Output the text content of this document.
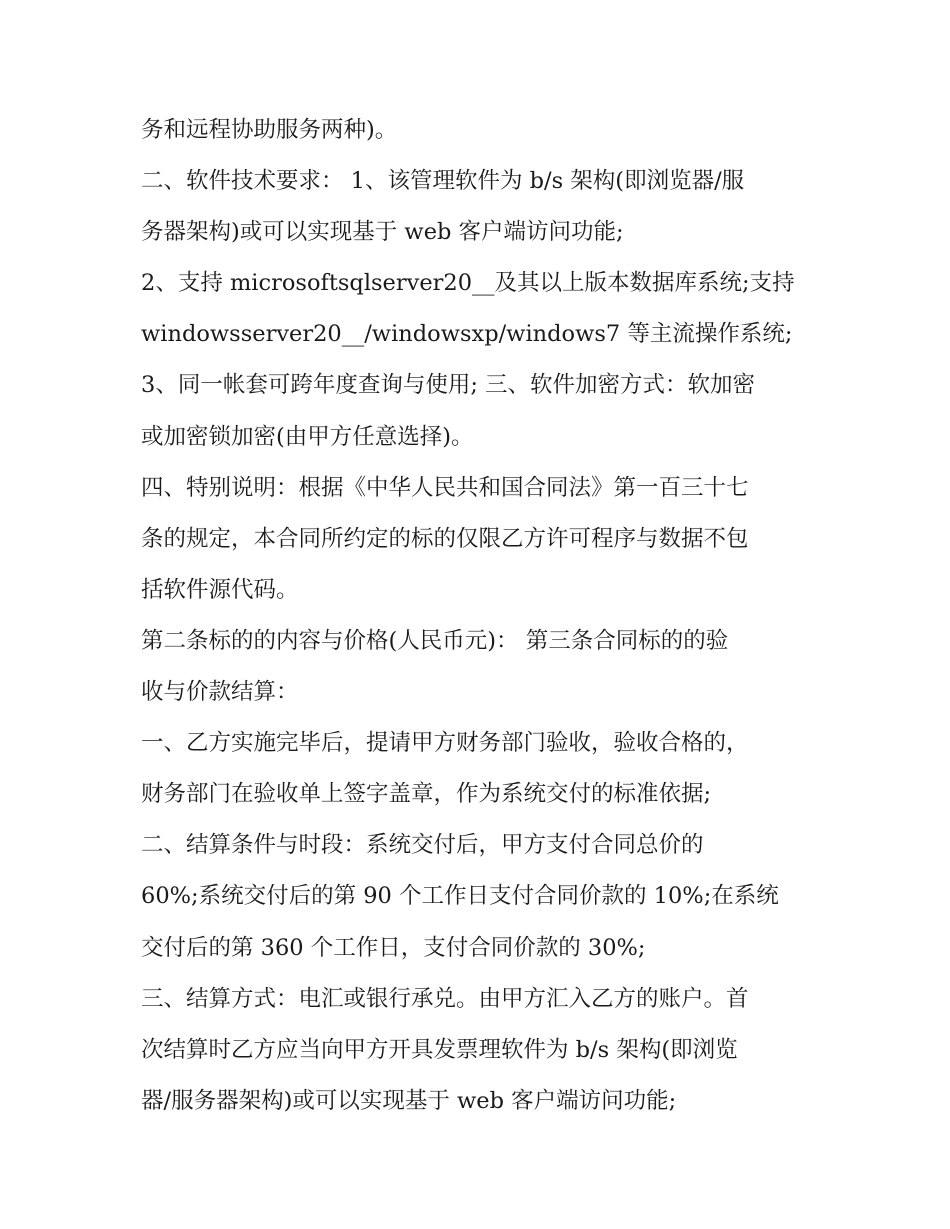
务和远程协助服务两种)。
二、软件技术要求： 1、该管理软件为 b/s 架构(即浏览器/服
务器架构)或可以实现基于 web 客户端访问功能;
2、支持 microsoftsqlserver20__及其以上版本数据库系统;支持
windowsserver20__/windowsxp/windows7 等主流操作系统;
3、同一帐套可跨年度查询与使用; 三、软件加密方式：软加密
或加密锁加密(由甲方任意选择)。
四、特别说明：根据《中华人民共和国合同法》第一百三十七
条的规定，本合同所约定的标的仅限乙方许可程序与数据不包
括软件源代码。
第二条标的的内容与价格(人民币元)： 第三条合同标的的验
收与价款结算：
一、乙方实施完毕后，提请甲方财务部门验收，验收合格的，
财务部门在验收单上签字盖章，作为系统交付的标准依据;
二、结算条件与时段：系统交付后，甲方支付合同总价的
60%;系统交付后的第 90 个工作日支付合同价款的 10%;在系统
交付后的第 360 个工作日，支付合同价款的 30%;
三、结算方式：电汇或银行承兑。由甲方汇入乙方的账户。首
次结算时乙方应当向甲方开具发票理软件为 b/s 架构(即浏览
器/服务器架构)或可以实现基于 web 客户端访问功能;
